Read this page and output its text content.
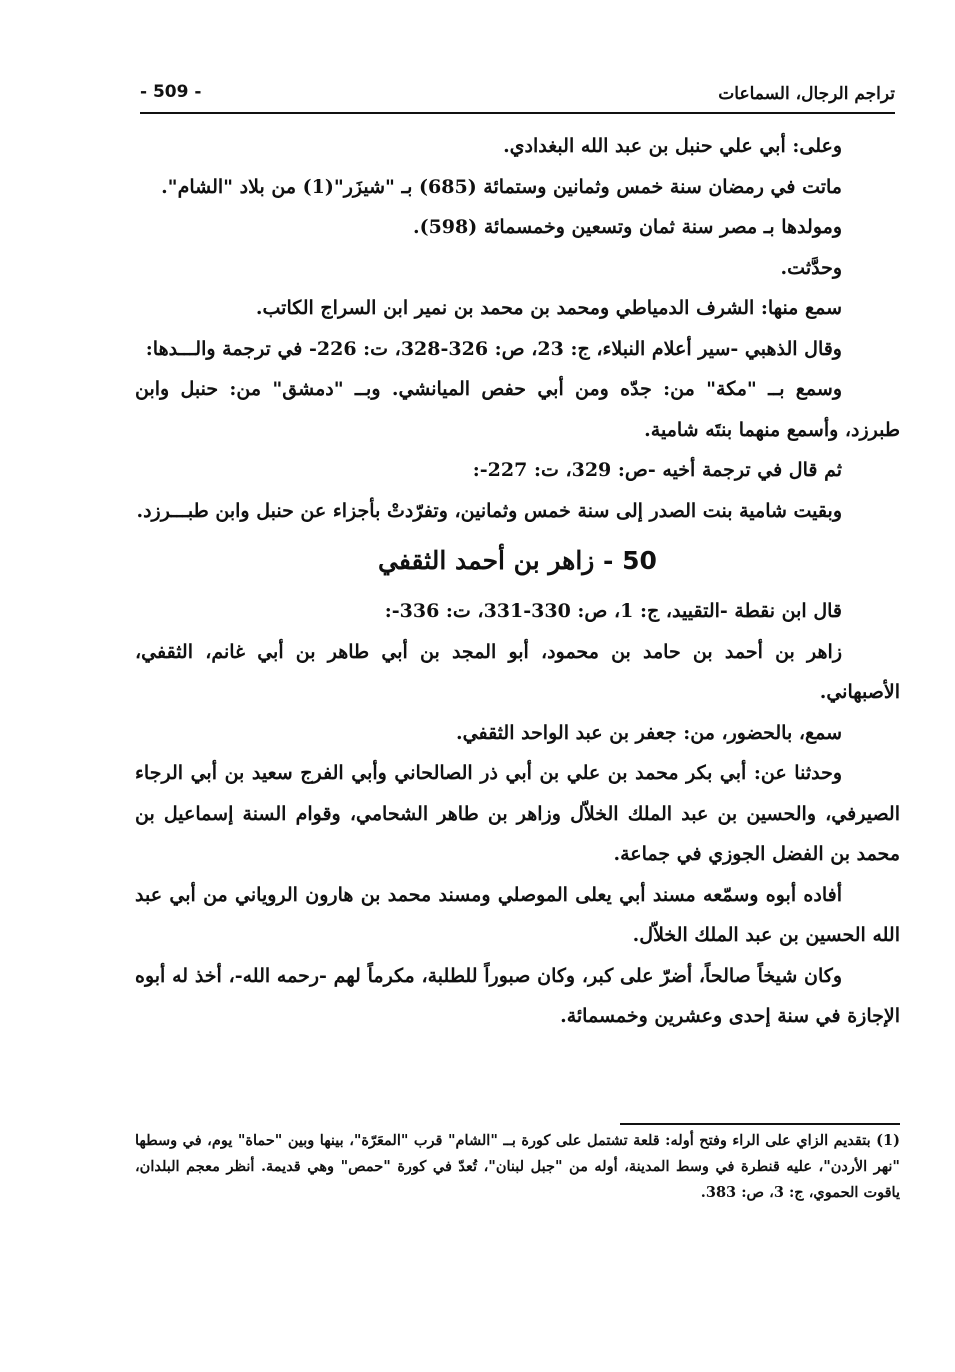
تراجم الرجال، السماعات
- 509 -

وعلى: أبي علي حنبل بن عبد الله البغدادي.

ماتت في رمضان سنة خمس وثمانين وستمائة (685) بـ "شيزَر"(1) من بلاد "الشام".

ومولدها بـ مصر سنة ثمان وتسعين وخمسمائة (598).

وحدَّثت.

سمع منها: الشرف الدمياطي ومحمد بن محمد بن نمير ابن السراج الكاتب.

وقال الذهبي -سير أعلام النبلاء، ج: 23، ص: 326-328، ت: 226- في ترجمة والـــدها:

وسمع بــ "مكة" من: جدّه ومن أبي حفص الميانشي. وبــ "دمشق" من: حنبل وابن طبرزد، وأسمع منهما بنتَه شامية.

ثم قال في ترجمة أخيه -ص: 329، ت: 227-:

وبقيت شامية بنت الصدر إلى سنة خمس وثمانين، وتفرّدتْ بأجزاء عن حنبل وابن طبـــرزد.

50 - زاهر بن أحمد الثقفي

قال ابن نقطة -التقييد، ج: 1، ص: 330-331، ت: 336-:

زاهر بن أحمد بن حامد بن محمود، أبو المجد بن أبي طاهر بن أبي غانم، الثقفي، الأصبهاني.

سمع، بالحضور، من: جعفر بن عبد الواحد الثقفي.

وحدثنا عن: أبي بكر محمد بن علي بن أبي ذر الصالحاني وأبي الفرج سعيد بن أبي الرجاء الصيرفي، والحسين بن عبد الملك الخلاّل وزاهر بن طاهر الشحامي، وقوام السنة إسماعيل بن محمد بن الفضل الجوزي في جماعة.

أفاده أبوه وسمّعه مسند أبي يعلى الموصلي ومسند محمد بن هارون الروياني من أبي عبد الله الحسين بن عبد الملك الخلاّل.

وكان شيخاً صالحاً، أضرّ على كبر، وكان صبوراً للطلبة، مكرماً لهم -رحمه الله-، أخذ له أبوه الإجازة في سنة إحدى وعشرين وخمسمائة.

(1) بتقديم الزاي على الراء وفتح أوله: قلعة تشتمل على كورة بــ "الشام" قرب "المعَرّة"، بينها وبين "حماة" يوم، في وسطها "نهر الأردن"، عليه قنطرة في وسط المدينة، أوله من "جبل لبنان"، تُعدّ في كورة "حمص" وهي قديمة. أنظر معجم البلدان، ياقوت الحموي، ج: 3، ص: 383.
